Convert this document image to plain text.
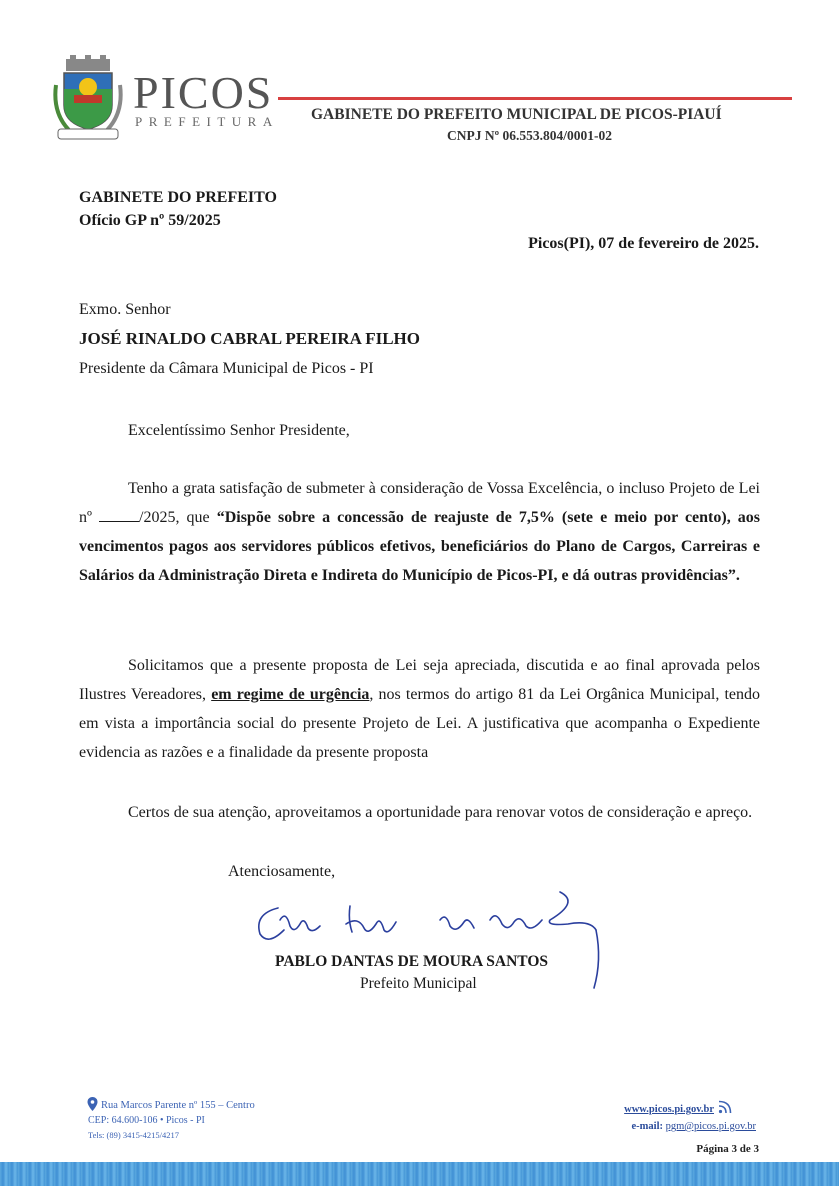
PICOS
PREFEITURA GABINETE DO PREFEITO MUNICIPAL DE PICOS-PIAUÍ
CNPJ Nº 06.553.804/0001-02
GABINETE DO PREFEITO
Ofício GP nº 59/2025
Picos(PI), 07 de fevereiro de 2025.
Exmo. Senhor
JOSÉ RINALDO CABRAL PEREIRA FILHO
Presidente da Câmara Municipal de Picos - PI
Excelentíssimo Senhor Presidente,

Tenho a grata satisfação de submeter à consideração de Vossa Excelência, o incluso Projeto de Lei nº	/2025, que “Dispõe sobre a concessão de reajuste de 7,5% (sete e meio por cento), aos vencimentos pagos aos servidores públicos efetivos, beneficiários do Plano de Cargos, Carreiras e Salários da Administração Direta e Indireta do Município de Picos-PI, e dá outras providências”.

Solicitamos que a presente proposta de Lei seja apreciada, discutida e ao final aprovada pelos Ilustres Vereadores, em regime de urgência, nos termos do artigo 81 da Lei Orgânica Municipal, tendo em vista a importância social do presente Projeto de Lei. A justificativa que acompanha o Expediente evidencia as razões e a finalidade da presente proposta

Certos de sua atenção, aproveitamos a oportunidade para renovar votos de consideração e apreço.

Atenciosamente,
PABLO DANTAS DE MOURA SANTOS
Prefeito Municipal
Rua Marcos Parente nº 155 – Centro
CEP: 64.600-106 • Picos - PI
Tels: (89) 3415-4215/4217
www.picos.pi.gov.br
e-mail: pgm@picos.pi.gov.br
Página 3 de 3
